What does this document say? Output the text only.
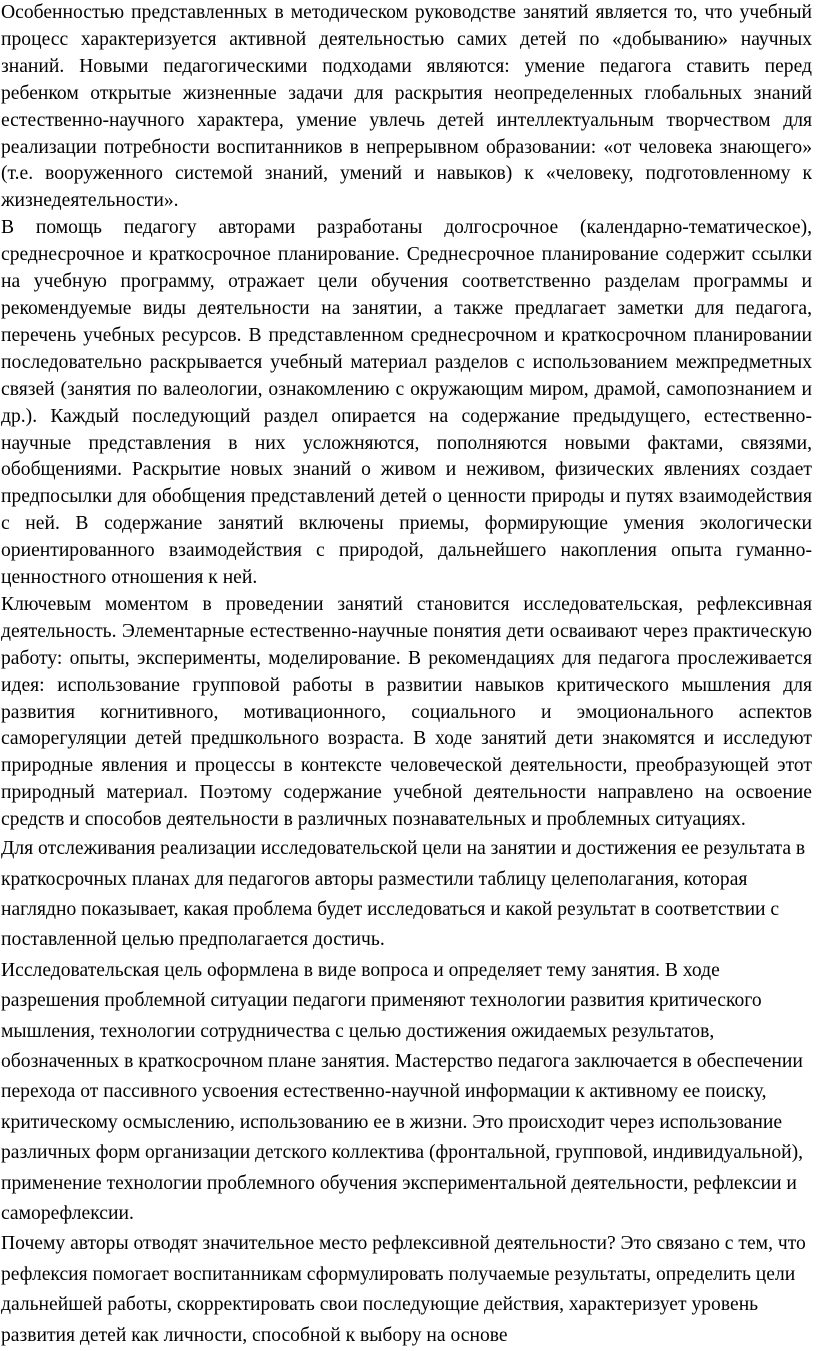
Особенностью представленных в методическом руководстве занятий является то, что учебный процесс характеризуется активной деятельностью самих детей по «добыванию» научных знаний. Новыми педагогическими подходами являются: умение педагога ставить перед ребенком открытые жизненные задачи для раскрытия неопределенных глобальных знаний естественно-научного характера, умение увлечь детей интеллектуальным творчеством для реализации потребности воспитанников в непрерывном образовании: «от человека знающего» (т.е. вооруженного системой знаний, умений и навыков) к «человеку, подготовленному к жизнедеятельности».

В помощь педагогу авторами разработаны долгосрочное (календарно-тематическое), среднесрочное и краткосрочное планирование. Среднесрочное планирование содержит ссылки на учебную программу, отражает цели обучения соответственно разделам программы и рекомендуемые виды деятельности на занятии, а также предлагает заметки для педагога, перечень учебных ресурсов. В представленном среднесрочном и краткосрочном планировании последовательно раскрывается учебный материал разделов с использованием межпредметных связей (занятия по валеологии, ознакомлению с окружающим миром, драмой, самопознанием и др.). Каждый последующий раздел опирается на содержание предыдущего, естественно-научные представления в них усложняются, пополняются новыми фактами, связями, обобщениями. Раскрытие новых знаний о живом и неживом, физических явлениях создает предпосылки для обобщения представлений детей о ценности природы и путях взаимодействия с ней. В содержание занятий включены приемы, формирующие умения экологически ориентированного взаимодействия с природой, дальнейшего накопления опыта гуманно-ценностного отношения к ней.

Ключевым моментом в проведении занятий становится исследовательская, рефлексивная деятельность. Элементарные естественно-научные понятия дети осваивают через практическую работу: опыты, эксперименты, моделирование. В рекомендациях для педагога прослеживается идея: использование групповой работы в развитии навыков критического мышления для развития когнитивного, мотивационного, социального и эмоционального аспектов саморегуляции детей предшкольного возраста. В ходе занятий дети знакомятся и исследуют природные явления и процессы в контексте человеческой деятельности, преобразующей этот природный материал. Поэтому содержание учебной деятельности направлено на освоение средств и способов деятельности в различных познавательных и проблемных ситуациях.

Для отслеживания реализации исследовательской цели на занятии и достижения ее результата в краткосрочных планах для педагогов авторы разместили таблицу целеполагания, которая наглядно показывает, какая проблема будет исследоваться и какой результат в соответствии с поставленной целью предполагается достичь.

Исследовательская цель оформлена в виде вопроса и определяет тему занятия. В ходе разрешения проблемной ситуации педагоги применяют технологии развития критического мышления, технологии сотрудничества с целью достижения ожидаемых результатов, обозначенных в краткосрочном плане занятия. Мастерство педагога заключается в обеспечении перехода от пассивного усвоения естественно-научной информации к активному ее поиску, критическому осмыслению, использованию ее в жизни. Это происходит через использование различных форм организации детского коллектива (фронтальной, групповой, индивидуальной), применение технологии проблемного обучения экспериментальной деятельности, рефлексии и саморефлексии.

Почему авторы отводят значительное место рефлексивной деятельности? Это связано с тем, что рефлексия помогает воспитанникам сформулировать получаемые результаты, определить цели дальнейшей работы, скорректировать свои последующие действия, характеризует уровень развития детей как личности, способной к выбору на основе
